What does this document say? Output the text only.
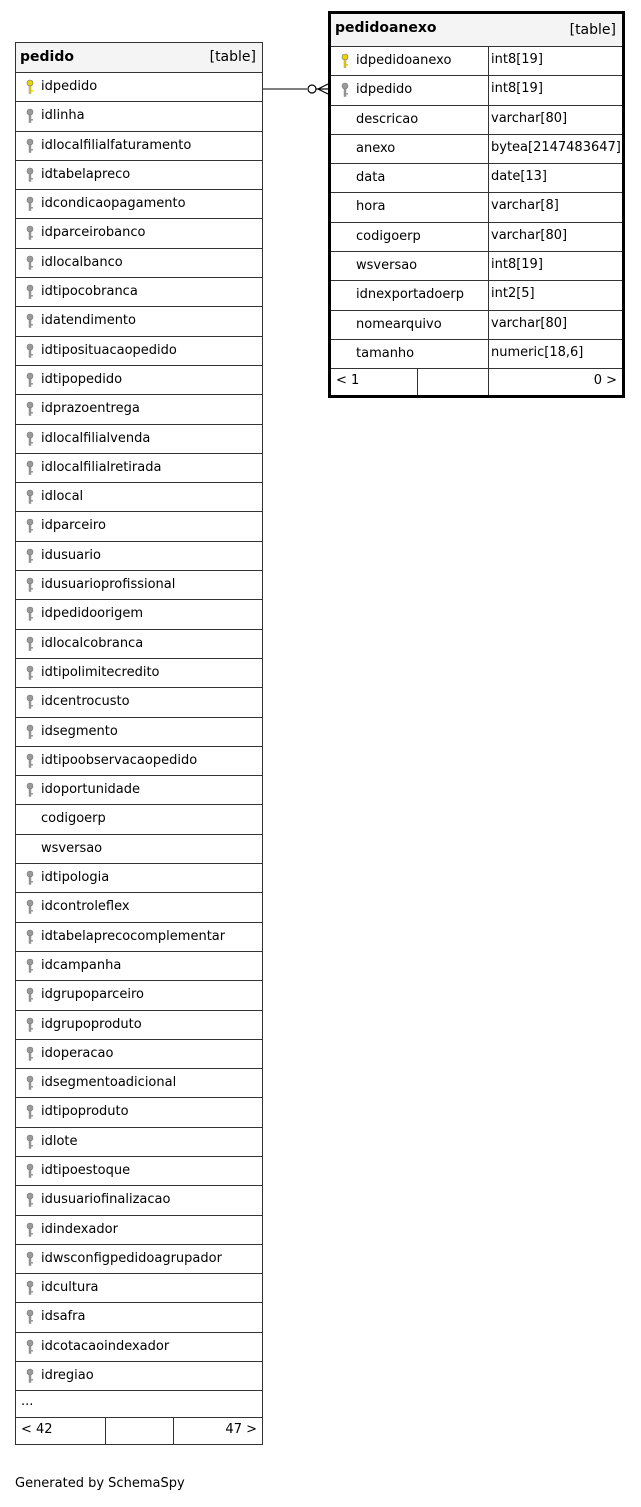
pedido	[table]
idpedido
idlinha
idlocalfilialfaturamento
idtabelapreco
idcondicaopagamento
idparceirobanco
idlocalbanco
idtipocobranca
idatendimento
idtiposituacaopedido
idtipopedido
idprazoentrega
idlocalfilialvenda
idlocalfilialretirada
idlocal
idparceiro
idusuario
idusuarioprofissional
idpedidoorigem
idlocalcobranca
idtipolimitecredito
idcentrocusto
idsegmento
idtipoobservacaopedido
idoportunidade
codigoerp
wsversao
idtipologia
idcontroleflex
idtabelaprecocomplementar
idcampanha
idgrupoparceiro
idgrupoproduto
idoperacao
idsegmentoadicional
idtipoproduto
idlote
idtipoestoque
idusuariofinalizacao
idindexador
idwsconfigpedidoagrupador
idcultura
idsafra
idcotacaoindexador
idregiao
...
< 42	47 >
pedidoanexo	[table]
idpedidoanexo	int8[19]
idpedido	int8[19]
descricao	varchar[80]
anexo	bytea[2147483647]
data	date[13]
hora	varchar[8]
codigoerp	varchar[80]
wsversao	int8[19]
idnexportadoerp int2[5]
nomearquivo	varchar[80]
tamanho	numeric[18,6]
< 1	0 >
Generated by SchemaSpy
